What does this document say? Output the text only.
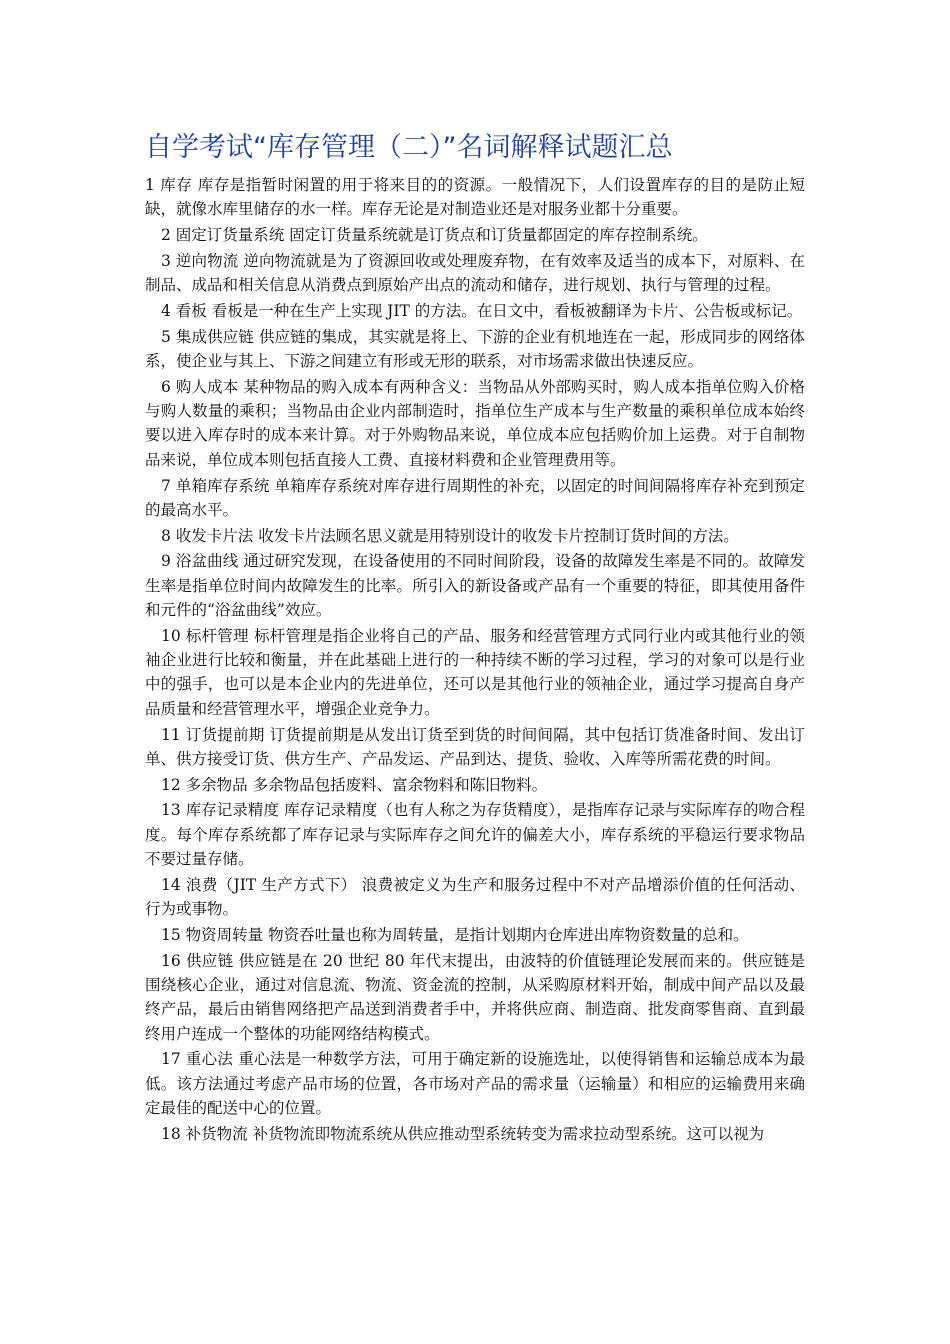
自学考试“库存管理（二）”名词解释试题汇总

1 库存 库存是指暂时闲置的用于将来目的的资源。一般情况下，人们设置库存的目的是防止短缺，就像水库里储存的水一样。库存无论是对制造业还是对服务业都十分重要。

2 固定订货量系统 固定订货量系统就是订货点和订货量都固定的库存控制系统。

3 逆向物流 逆向物流就是为了资源回收或处理废弃物，在有效率及适当的成本下，对原料、在制品、成品和相关信息从消费点到原始产出点的流动和储存，进行规划、执行与管理的过程。

4 看板 看板是一种在生产上实现 JIT 的方法。在日文中，看板被翻译为卡片、公告板或标记。

5 集成供应链 供应链的集成，其实就是将上、下游的企业有机地连在一起，形成同步的网络体系，使企业与其上、下游之间建立有形或无形的联系，对市场需求做出快速反应。

6 购人成本 某种物品的购入成本有两种含义：当物品从外部购买时，购人成本指单位购入价格与购人数量的乘积；当物品由企业内部制造时，指单位生产成本与生产数量的乘积单位成本始终要以进入库存时的成本来计算。对于外购物品来说，单位成本应包括购价加上运费。对于自制物品来说，单位成本则包括直接人工费、直接材料费和企业管理费用等。

7 单箱库存系统 单箱库存系统对库存进行周期性的补充，以固定的时间间隔将库存补充到预定的最高水平。

8 收发卡片法 收发卡片法顾名思义就是用特别设计的收发卡片控制订货时间的方法。

9 浴盆曲线 通过研究发现，在设备使用的不同时间阶段，设备的故障发生率是不同的。故障发生率是指单位时间内故障发生的比率。所引入的新设备或产品有一个重要的特征，即其使用备件和元件的“浴盆曲线”效应。

10 标杆管理 标杆管理是指企业将自己的产品、服务和经营管理方式同行业内或其他行业的领袖企业进行比较和衡量，并在此基础上进行的一种持续不断的学习过程，学习的对象可以是行业中的强手，也可以是本企业内的先进单位，还可以是其他行业的领袖企业，通过学习提高自身产品质量和经营管理水平，增强企业竞争力。

11 订货提前期 订货提前期是从发出订货至到货的时间间隔，其中包括订货准备时间、发出订单、供方接受订货、供方生产、产品发运、产品到达、提货、验收、入库等所需花费的时间。

12 多余物品 多余物品包括废料、富余物料和陈旧物料。

13 库存记录精度 库存记录精度（也有人称之为存货精度），是指库存记录与实际库存的吻合程度。每个库存系统都了库存记录与实际库存之间允许的偏差大小，库存系统的平稳运行要求物品不要过量存储。

14 浪费（JIT 生产方式下） 浪费被定义为生产和服务过程中不对产品增添价值的任何活动、行为或事物。

15 物资周转量 物资吞吐量也称为周转量，是指计划期内仓库进出库物资数量的总和。

16 供应链 供应链是在 20 世纪 80 年代末提出，由波特的价值链理论发展而来的。供应链是围绕核心企业，通过对信息流、物流、资金流的控制，从采购原材料开始，制成中间产品以及最终产品，最后由销售网络把产品送到消费者手中，并将供应商、制造商、批发商零售商、直到最终用户连成一个整体的功能网络结构模式。

17 重心法 重心法是一种数学方法，可用于确定新的设施选址，以使得销售和运输总成本为最低。该方法通过考虑产品市场的位置，各市场对产品的需求量（运输量）和相应的运输费用来确定最佳的配送中心的位置。

18 补货物流 补货物流即物流系统从供应推动型系统转变为需求拉动型系统。这可以视为
